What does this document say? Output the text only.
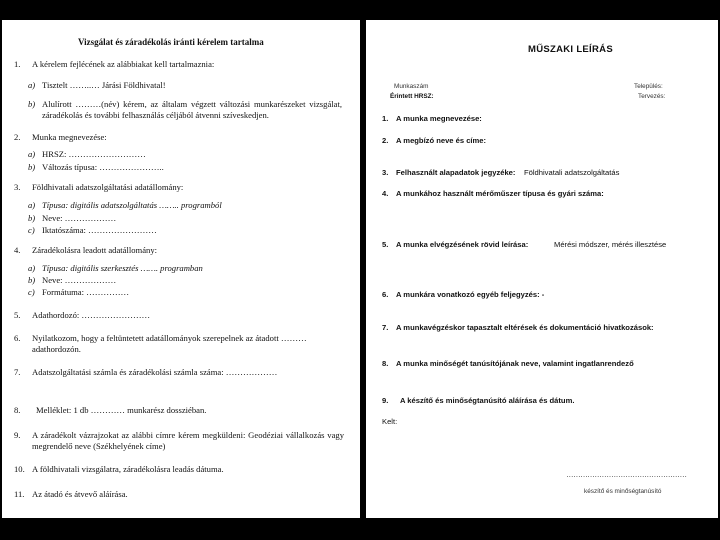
Vizsgálat és záradékolás iránti kérelem tartalma
1. A kérelem fejlécének az alábbiakat kell tartalmaznia:
a) Tisztelt ……..… Járási Földhivatal!
b) Alulírott ………(név) kérem, az általam végzett változási munkarészeket vizsgálat, záradékolás és további felhasználás céljából átvenni szíveskedjen.
2. Munka megnevezése:
a) HRSZ: ………………………
b) Változás típusa: …………………..
3. Földhivatali adatszolgáltatási adatállomány:
a) Típusa: digitális adatszolgáltatás …….. programból
b) Neve: ………………
c) Iktatószáma: ……………………
4. Záradékolásra leadott adatállomány:
a) Típusa: digitális szerkesztés ……. programban
b) Neve: ………………
c) Formátuma: ……………
5. Adathordozó: ……………………
6. Nyilatkozom, hogy a feltüntetett adatállományok szerepelnek az átadott ……… adathordozón.
7. Adatszolgáltatási számla és záradékolási számla száma: ………………
8. Melléklet: 1 db ………… munkarész dossziéban.
9. A záradékolt vázrajzokat az alábbi címre kérem megküldeni: Geodéziai vállalkozás vagy megrendelő neve (Székhelyének címe)
10. A földhivatali vizsgálatra, záradékolásra leadás dátuma.
11. Az átadó és átvevő aláírása.
MŰSZAKI LEÍRÁS
Munkaszám
Érintett HRSZ:
Település:
Tervezés:
1. A munka megnevezése:
2. A megbízó neve és címe:
3. Felhasznált alapadatok jegyzéke: Földhivatali adatszolgáltatás
4. A munkához használt mérőműszer típusa és gyári száma:
5. A munka elvégzésének rövid leírása:	Mérési módszer, mérés illesztése
6. A munkára vonatkozó egyéb feljegyzés: -
7. A munkavégzéskor tapasztalt eltérések és dokumentáció hivatkozások:
8. A munka minőségét tanúsítójának neve, valamint ingatlanrendező
9. A készítő és minőségtanúsító aláírása és dátum.
Kelt:
……………………………………………
készítő és minőségtanúsító
